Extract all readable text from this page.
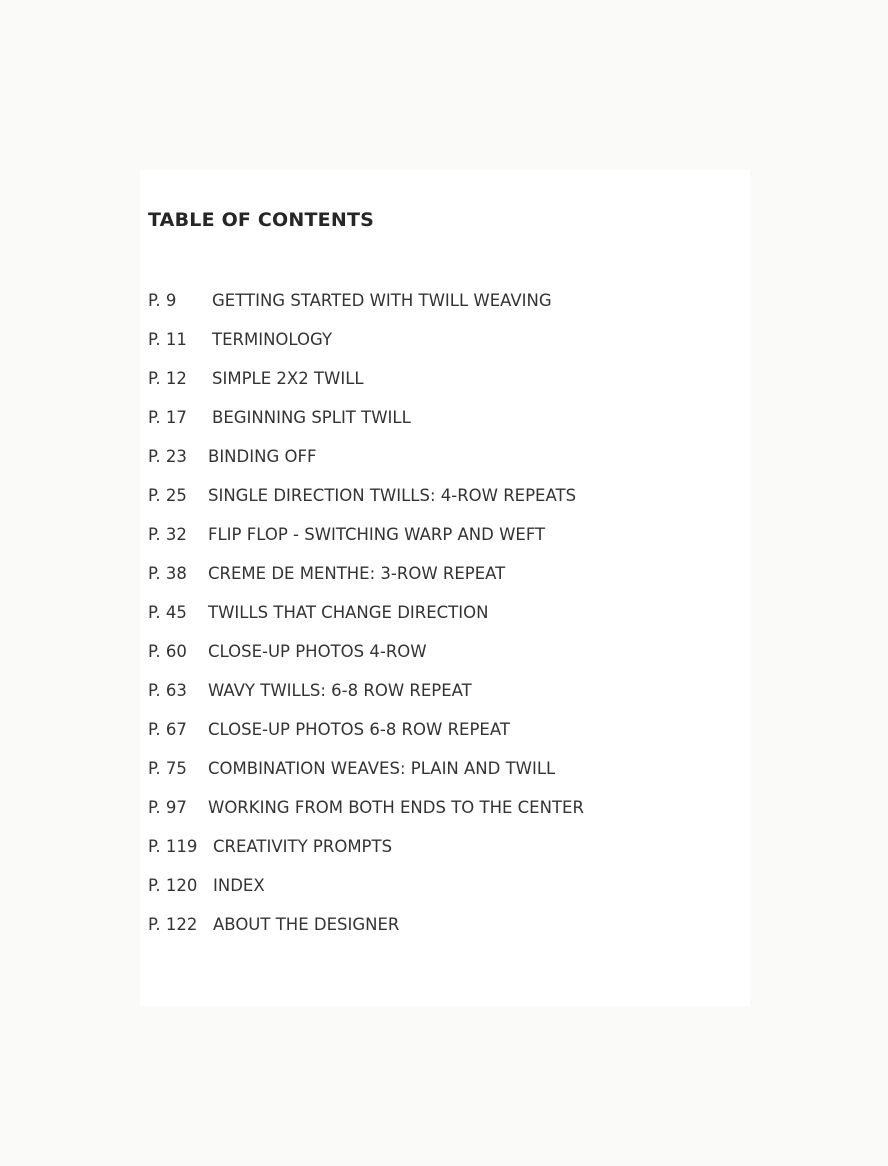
TABLE OF CONTENTS
P. 9 GETTING STARTED WITH TWILL WEAVING
P. 11 TERMINOLOGY
P. 12 SIMPLE 2X2 TWILL
P. 17 BEGINNING SPLIT TWILL
P. 23 BINDING OFF
P. 25 SINGLE DIRECTION TWILLS: 4-ROW REPEATS
P. 32 FLIP FLOP - SWITCHING WARP AND WEFT
P. 38 CREME DE MENTHE: 3-ROW REPEAT
P. 45 TWILLS THAT CHANGE DIRECTION
P. 60 CLOSE-UP PHOTOS 4-ROW
P. 63 WAVY TWILLS: 6-8 ROW REPEAT
P. 67 CLOSE-UP PHOTOS 6-8 ROW REPEAT
P. 75 COMBINATION WEAVES: PLAIN AND TWILL
P. 97 WORKING FROM BOTH ENDS TO THE CENTER
P. 119 CREATIVITY PROMPTS
P. 120 INDEX
P. 122 ABOUT THE DESIGNER
